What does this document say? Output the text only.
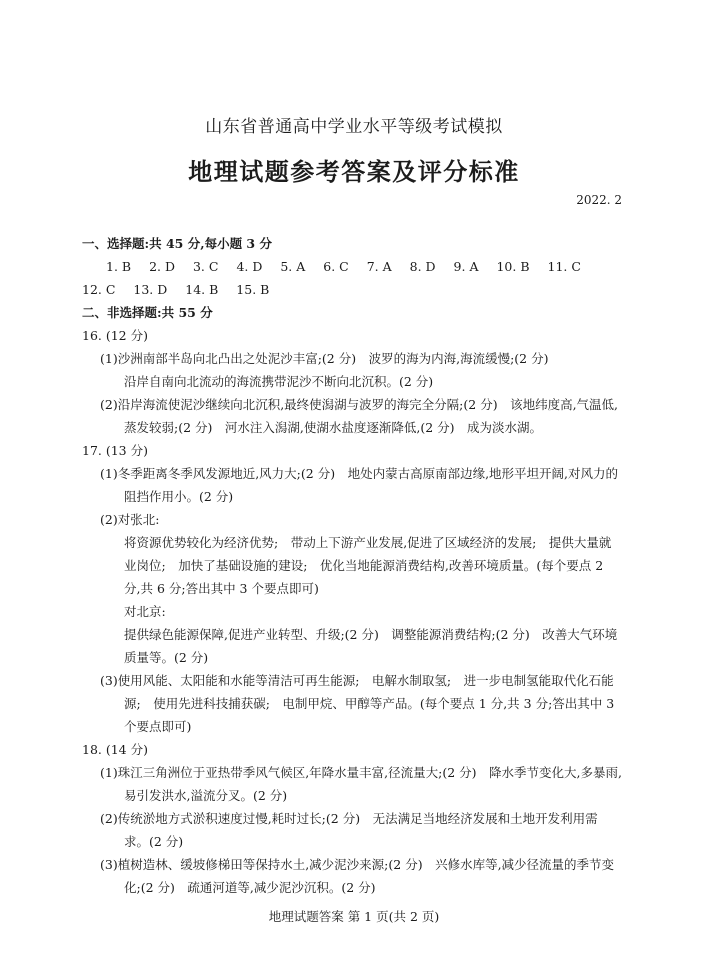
山东省普通高中学业水平等级考试模拟
地理试题参考答案及评分标准
2022. 2
一、选择题:共 45 分,每小题 3 分
1. B 2. D 3. C 4. D 5. A 6. C 7. A 8. D 9. A 10. B 11. C
12. C 13. D 14. B 15. B
二、非选择题:共 55 分
16. (12 分)
(1)沙洲南部半岛向北凸出之处泥沙丰富;(2 分)　波罗的海为内海,海流缓慢;(2 分)
沿岸自南向北流动的海流携带泥沙不断向北沉积。(2 分)
(2)沿岸海流使泥沙继续向北沉积,最终使潟湖与波罗的海完全分隔;(2 分)　该地纬度高,气温低,蒸发较弱;(2 分)　河水注入潟湖,使湖水盐度逐渐降低,(2 分)　成为淡水湖。
17. (13 分)
(1)冬季距离冬季风发源地近,风力大;(2 分)　地处内蒙古高原南部边缘,地形平坦开阔,对风力的阻挡作用小。(2 分)
(2)对张北:
将资源优势较化为经济优势;　带动上下游产业发展,促进了区域经济的发展;　提供大量就业岗位;　加快了基础设施的建设;　优化当地能源消费结构,改善环境质量。(每个要点 2 分,共 6 分;答出其中 3 个要点即可)
对北京:
提供绿色能源保障,促进产业转型、升级;(2 分)　调整能源消费结构;(2 分)　改善大气环境质量等。(2 分)
(3)使用风能、太阳能和水能等清洁可再生能源;　电解水制取氢;　进一步电制氢能取代化石能源;　使用先进科技捕获碳;　电制甲烷、甲醇等产品。(每个要点 1 分,共 3 分;答出其中 3 个要点即可)
18. (14 分)
(1)珠江三角洲位于亚热带季风气候区,年降水量丰富,径流量大;(2 分)　降水季节变化大,多暴雨,易引发洪水,溢流分叉。(2 分)
(2)传统淤地方式淤积速度过慢,耗时过长;(2 分)　无法满足当地经济发展和土地开发利用需求。(2 分)
(3)植树造林、缓坡修梯田等保持水土,减少泥沙来源;(2 分)　兴修水库等,减少径流量的季节变化;(2 分)　疏通河道等,减少泥沙沉积。(2 分)
地理试题答案 第 1 页(共 2 页)
